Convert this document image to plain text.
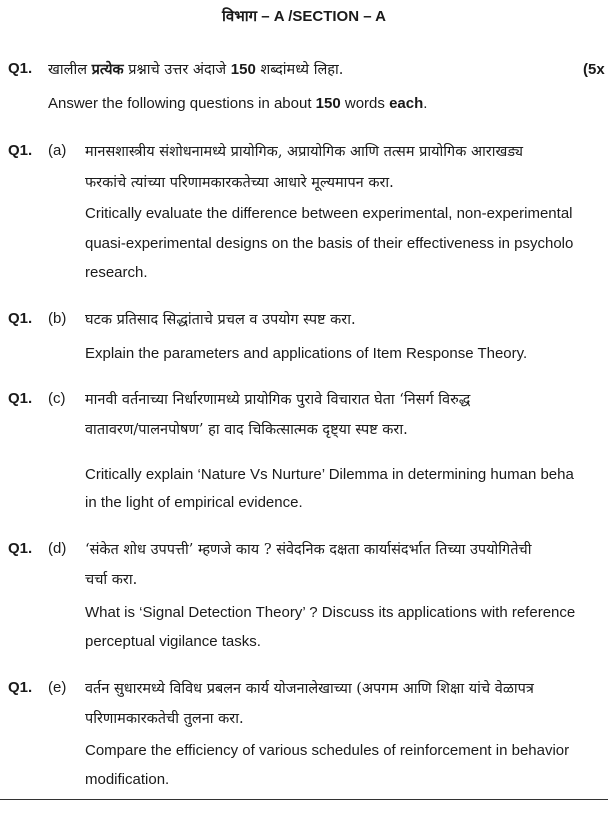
विभाग – A /SECTION – A
Q1. खालील प्रत्येक प्रश्नाचे उत्तर अंदाजे 150 शब्दांमध्ये लिहा.	(5x
Answer the following questions in about 150 words each.
Q1. (a) मानसशास्त्रीय संशोधनामध्ये प्रायोगिक, अप्रायोगिक आणि तत्सम प्रायोगिक आराखड्य
फरकांचे त्यांच्या परिणामकारकतेच्या आधारे मूल्यमापन करा.
Critically evaluate the difference between experimental, non-experimental
quasi-experimental designs on the basis of their effectiveness in psycholo
research.
Q1. (b) घटक प्रतिसाद सिद्धांताचे प्रचल व उपयोग स्पष्ट करा.
Explain the parameters and applications of Item Response Theory.
Q1. (c) मानवी वर्तनाच्या निर्धारणामध्ये प्रायोगिक पुरावे विचारात घेता ‘निसर्ग विरुद्ध
वातावरण/पालनपोषण’ हा वाद चिकित्सात्मक दृष्ट्या स्पष्ट करा.
Critically explain ‘Nature Vs Nurture’ Dilemma in determining human beha
in the light of empirical evidence.
Q1. (d) ‘संकेत शोध उपपत्ती’ म्हणजे काय ? संवेदनिक दक्षता कार्यासंदर्भात तिच्या उपयोगितेची
चर्चा करा.
What is ‘Signal Detection Theory’ ? Discuss its applications with reference
perceptual vigilance tasks.
Q1. (e) वर्तन सुधारमध्ये विविध प्रबलन कार्य योजनालेखाच्या (अपगम आणि शिक्षा यांचे वेळापत्र
परिणामकारकतेची तुलना करा.
Compare the efficiency of various schedules of reinforcement in behavior
modification.
